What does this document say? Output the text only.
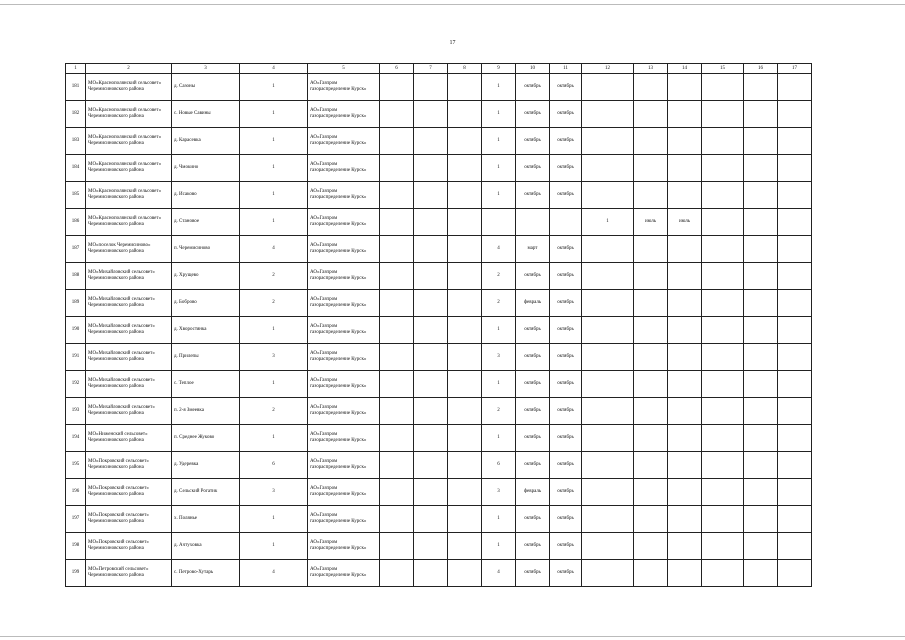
17
1	2	3	4	5	6	7	8	9	10	11	12	13	14	15	16	17
181	МО«Краснополянский сельсовет» Черемисиновского района	д. Сазоны	1	АО«Газпром газораспределение Курск»				1	октябрь	октябрь						
182	МО«Краснополянский сельсовет» Черемисиновского района	с. Новые Савины	1	АО«Газпром газораспределение Курск»				1	октябрь	октябрь						
183	МО«Краснополянский сельсовет» Черемисиновского района	д. Карасевка	1	АО«Газпром газораспределение Курск»				1	октябрь	октябрь						
184	МО«Краснополянский сельсовет» Черемисиновского района	д. Чмокино	1	АО«Газпром газораспределение Курск»				1	октябрь	октябрь						
185	МО«Краснополянский сельсовет» Черемисиновского района	д. Исаково	1	АО«Газпром газораспределение Курск»				1	октябрь	октябрь						
186	МО«Краснополянский сельсовет» Черемисиновского района	д. Становое	1	АО«Газпром газораспределение Курск»							1	июль	июль			
187	МО«поселок Черемисиново» Черемисиновского района	п. Черемисиново	4	АО«Газпром газораспределение Курск»				4	март	октябрь						
188	МО«Михайловский сельсовет» Черемисиновского района	д. Хрущево	2	АО«Газпром газораспределение Курск»				2	октябрь	октябрь						
189	МО«Михайловский сельсовет» Черемисиновского района	д. Боброво	2	АО«Газпром газораспределение Курск»				2	февраль	октябрь						
190	МО«Михайловский сельсовет» Черемисиновского района	д. Хворостянка	1	АО«Газпром газораспределение Курск»				1	октябрь	октябрь						
191	МО«Михайловский сельсовет» Черемисиновского района	д. Прилепы	3	АО«Газпром газораспределение Курск»				3	октябрь	октябрь						
192	МО«Михайловский сельсовет» Черемисиновского района	с. Теплое	1	АО«Газпром газораспределение Курск»				1	октябрь	октябрь						
193	МО«Михайловский сельсовет» Черемисиновского района	п. 2-я Змеевка	2	АО«Газпром газораспределение Курск»				2	октябрь	октябрь						
194	МО«Ниженский сельсовет» Черемисиновского района	п. Среднее Жуково	1	АО«Газпром газораспределение Курск»				1	октябрь	октябрь						
195	МО«Покровский сельсовет» Черемисиновского района	д. Удеревка	6	АО«Газпром газораспределение Курск»				6	октябрь	октябрь						
196	МО«Покровский сельсовет» Черемисиновского района	д. Сельский Рогатик	3	АО«Газпром газораспределение Курск»				3	февраль	октябрь						
197	МО«Покровский сельсовет» Черемисиновского района	х. Полянье	1	АО«Газпром газораспределение Курск»				1	октябрь	октябрь						
198	МО«Покровский сельсовет» Черемисиновского района	д. Ачтуховка	1	АО«Газпром газораспределение Курск»				1	октябрь	октябрь						
199	МО«Петровский сельсовет» Черемисиновского района	с. Петрово-Хутарь	4	АО«Газпром газораспределение Курск»				4	октябрь	октябрь						
